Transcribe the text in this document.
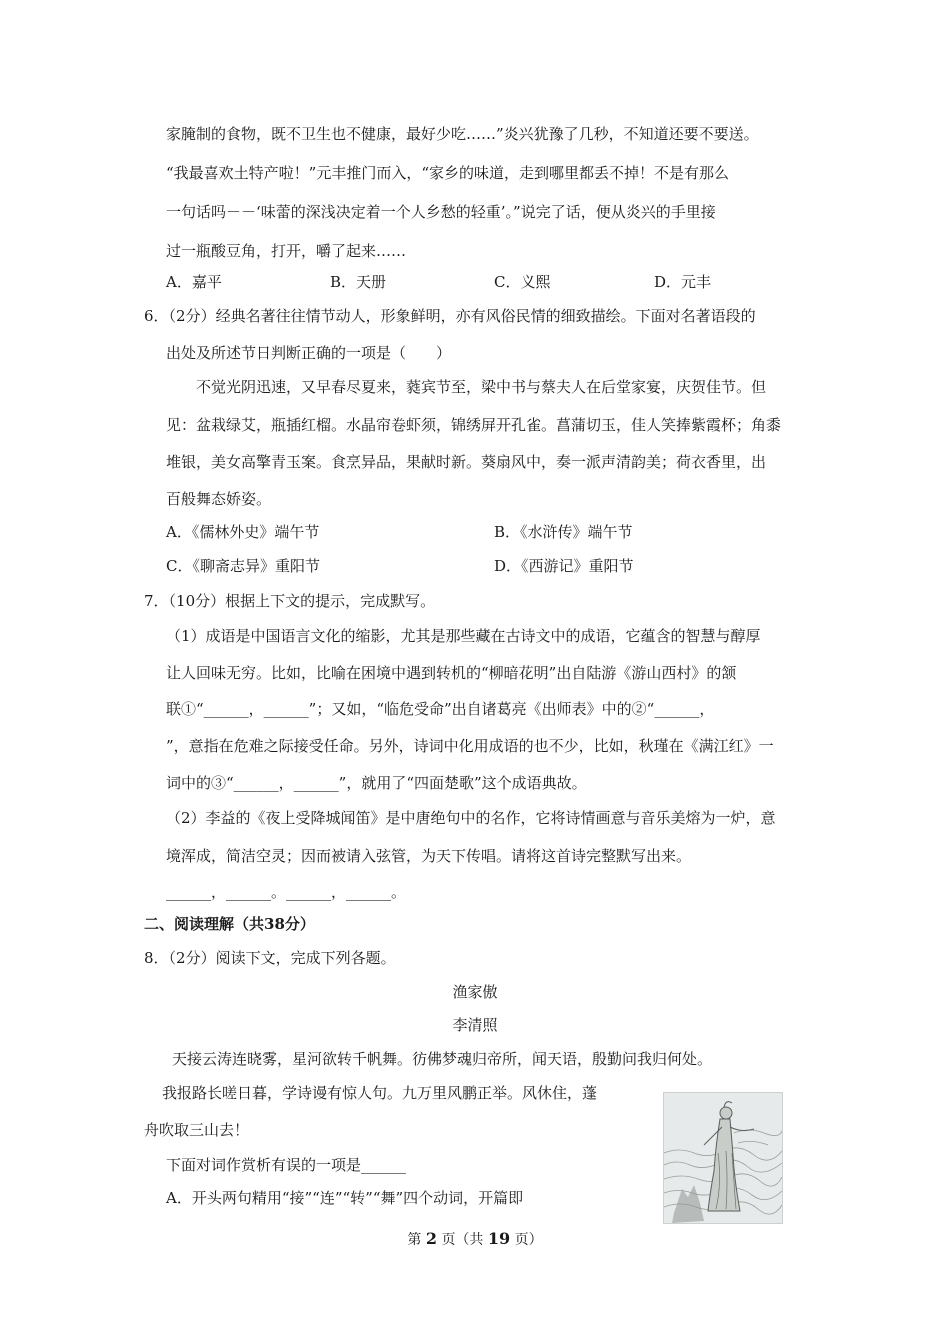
家腌制的食物，既不卫生也不健康，最好少吃……”炎兴犹豫了几秒，不知道还要不要送。
“我最喜欢土特产啦！”元丰推门而入，“家乡的味道，走到哪里都丢不掉！不是有那么
一句话吗－－‘味蕾的深浅决定着一个人乡愁的轻重’。”说完了话，便从炎兴的手里接
过一瓶酸豆角，打开，嚼了起来……
A．嘉平	B．天册	C．义熙	D．元丰
6．（2分）经典名著往往情节动人，形象鲜明，亦有风俗民情的细致描绘。下面对名著语段的
出处及所述节日判断正确的一项是（　　）
不觉光阴迅速，又早春尽夏来，蕤宾节至，梁中书与蔡夫人在后堂家宴，庆贺佳节。但
见：盆栽绿艾，瓶插红榴。水晶帘卷虾须，锦绣屏开孔雀。菖蒲切玉，佳人笑捧紫霞杯；角黍
堆银，美女高擎青玉案。食烹异品，果献时新。葵扇风中，奏一派声清韵美；荷衣香里，出
百般舞态娇姿。
A．《儒林外史》端午节	B．《水浒传》端午节
C．《聊斋志异》重阳节	D．《西游记》重阳节
7．（10分）根据上下文的提示，完成默写。
（1）成语是中国语言文化的缩影，尤其是那些藏在古诗文中的成语，它蕴含的智慧与醇厚
让人回味无穷。比如，比喻在困境中遇到转机的“柳暗花明”出自陆游《游山西村》的颔
联①“______，______”；又如，“临危受命”出自诸葛亮《出师表》中的②“______，
”，意指在危难之际接受任命。另外，诗词中化用成语的也不少，比如，秋瑾在《满江红》一
词中的③“______，______”，就用了“四面楚歌”这个成语典故。
（2）李益的《夜上受降城闻笛》是中唐绝句中的名作，它将诗情画意与音乐美熔为一炉，意
境浑成，简洁空灵；因而被请入弦管，为天下传唱。请将这首诗完整默写出来。
______，______。______，______。
二、阅读理解（共38分）
8．（2分）阅读下文，完成下列各题。
渔家傲
李清照
天接云涛连晓雾，星河欲转千帆舞。彷佛梦魂归帝所，闻天语，殷勤问我归何处。
我报路长嗟日暮，学诗谩有惊人句。九万里风鹏正举。风休住，蓬
舟吹取三山去！
下面对词作赏析有误的一项是______
A．开头两句精用“接”“连”“转”“舞”四个动词，开篇即
第 2 页（共 19 页）
